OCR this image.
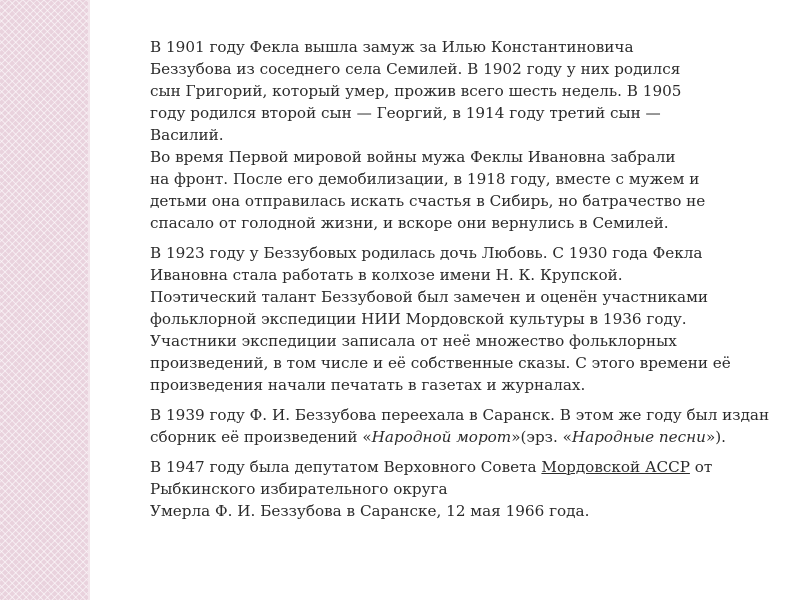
В 1901 году Фекла вышла замуж за Илью Константиновича
Беззубова из соседнего села Семилей. В 1902 году у них родился
сын Григорий, который умер, прожив всего шесть недель. В 1905
году родился второй сын — Георгий, в 1914 году третий сын —
Василий.
Во время Первой мировой войны мужа Феклы Ивановна забрали
на фронт. После его демобилизации, в 1918 году, вместе с мужем и
детьми она отправилась искать счастья в Сибирь, но батрачество не
спасало от голодной жизни, и вскоре они вернулись в Семилей.

В 1923 году у Беззубовых родилась дочь Любовь. С 1930 года Фекла
Ивановна стала работать в колхозе имени Н. К. Крупской.
Поэтический талант Беззубовой был замечен и оценён участниками
фольклорной экспедиции НИИ Мордовской культуры в 1936 году.
Участники экспедиции записала от неё множество фольклорных
произведений, в том числе и её собственные сказы. С этого времени её
произведения начали печатать в газетах и журналах.

В 1939 году Ф. И. Беззубова переехала в Саранск. В этом же году был издан
сборник её произведений «Народной морот»(эрз. «Народные песни»).

В 1947 году была депутатом Верховного Совета Мордовской АССР от
Рыбкинского избирательного округа
Умерла Ф. И. Беззубова в Саранске, 12 мая 1966 года.
